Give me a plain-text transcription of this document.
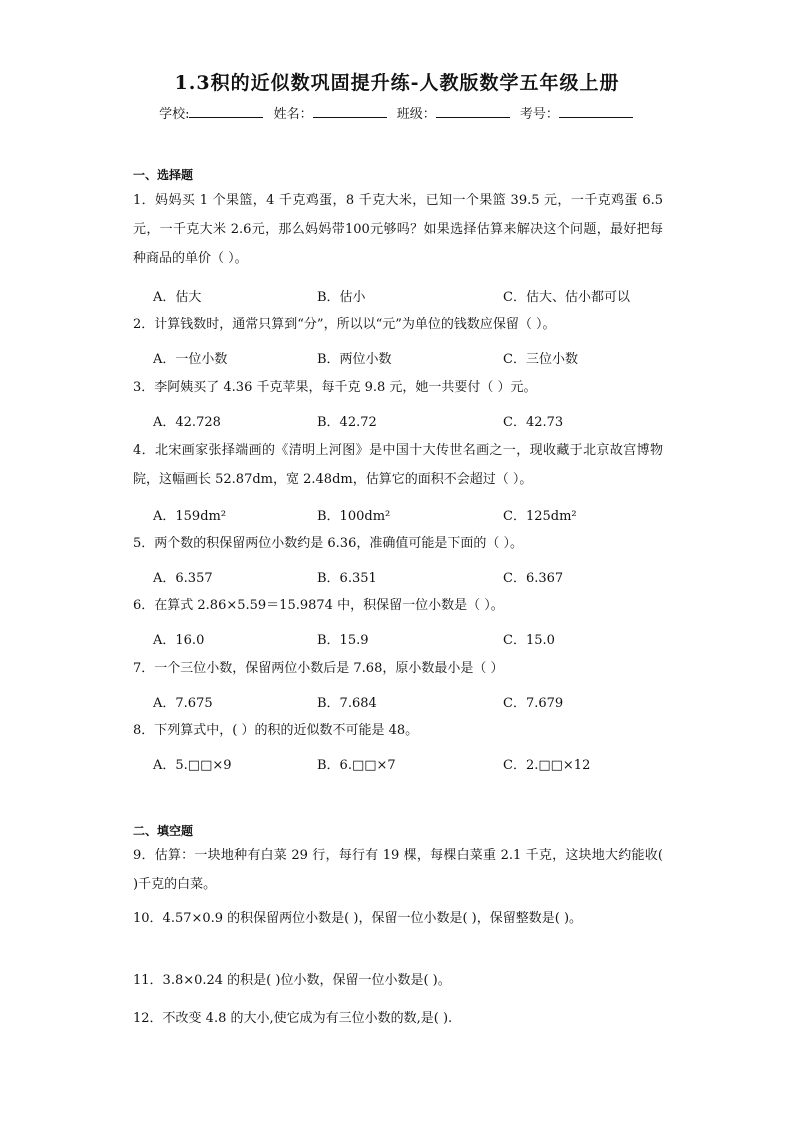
1.3积的近似数巩固提升练-人教版数学五年级上册
学校:	姓名：	班级：	考号：
一、选择题
1．妈妈买 1 个果篮，4 千克鸡蛋，8 千克大米，已知一个果篮 39.5 元，一千克鸡蛋 6.5 元，一千克大米 2.6元，那么妈妈带100元够吗？如果选择估算来解决这个问题，最好把每种商品的单价（ ）。
A．估大	B．估小	C．估大、估小都可以
2．计算钱数时，通常只算到“分”，所以以“元”为单位的钱数应保留（ ）。
A．一位小数	B．两位小数	C．三位小数
3．李阿姨买了 4.36 千克苹果，每千克 9.8 元，她一共要付（ ）元。
A．42.728	B．42.72	C．42.73
4．北宋画家张择端画的《清明上河图》是中国十大传世名画之一，现收藏于北京故宫博物院，这幅画长 52.87dm，宽 2.48dm，估算它的面积不会超过（ ）。
A．159dm²	B．100dm²	C．125dm²
5．两个数的积保留两位小数约是 6.36，准确值可能是下面的（ ）。
A．6.357	B．6.351	C．6.367
6．在算式 2.86×5.59＝15.9874 中，积保留一位小数是（ ）。
A．16.0	B．15.9	C．15.0
7．一个三位小数，保留两位小数后是 7.68，原小数最小是（ ）
A．7.675	B．7.684	C．7.679
8．下列算式中，( ）的积的近似数不可能是 48。
A．5.□□×9	B．6.□□×7	C．2.□□×12
二、填空题
9．估算：一块地种有白菜 29 行，每行有 19 棵，每棵白菜重 2.1 千克，这块地大约能收( )千克的白菜。
10．4.57×0.9 的积保留两位小数是( )，保留一位小数是( )，保留整数是( )。
11．3.8×0.24 的积是( )位小数，保留一位小数是( )。
12．不改变 4.8 的大小,使它成为有三位小数的数,是( ).
